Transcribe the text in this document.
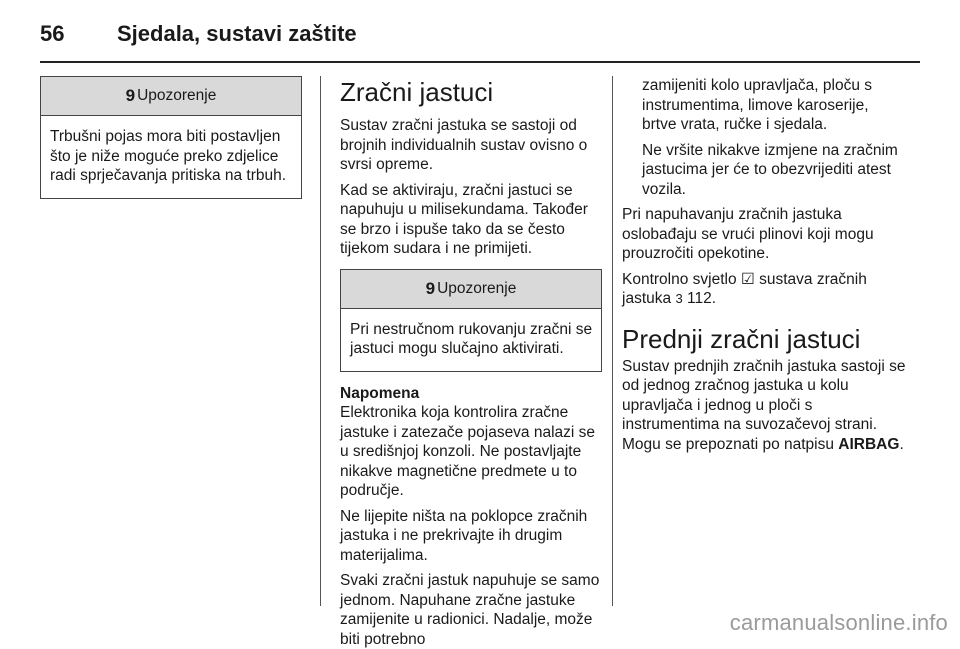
56 Sjedala, sustavi zaštite
9 Upozorenje
Trbušni pojas mora biti postavljen što je niže moguće preko zdjelice radi sprječavanja pritiska na trbuh.
Zračni jastuci

Sustav zračni jastuka se sastoji od brojnih individualnih sustav ovisno o svrsi opreme.

Kad se aktiviraju, zračni jastuci se napuhuju u milisekundama. Također se brzo i ispuše tako da se često tijekom sudara i ne primijeti.

9 Upozorenje
Pri nestručnom rukovanju zračni se jastuci mogu slučajno aktivirati.

Napomena

Elektronika koja kontrolira zračne jastuke i zatezače pojaseva nalazi se u središnjoj konzoli. Ne postavljajte nikakve magnetične predmete u to područje.

Ne lijepite ništa na poklopce zračnih jastuka i ne prekrivajte ih drugim materijalima.

Svaki zračni jastuk napuhuje se samo jednom. Napuhane zračne jastuke zamijenite u radionici. Nadalje, može biti potrebno

zamijeniti kolo upravljača, ploču s instrumentima, limove karoserije, brtve vrata, ručke i sjedala.

Ne vršite nikakve izmjene na zračnim jastucima jer će to obezvrijediti atest vozila.

Pri napuhavanju zračnih jastuka oslobađaju se vrući plinovi koji mogu prouzročiti opekotine.

Kontrolno svjetlo ☑ sustava zračnih jastuka 3 112.

Prednji zračni jastuci

Sustav prednjih zračnih jastuka sastoji se od jednog zračnog jastuka u kolu upravljača i jednog u ploči s instrumentima na suvozačevoj strani. Mogu se prepoznati po natpisu AIRBAG.

carmanualsonline.info
